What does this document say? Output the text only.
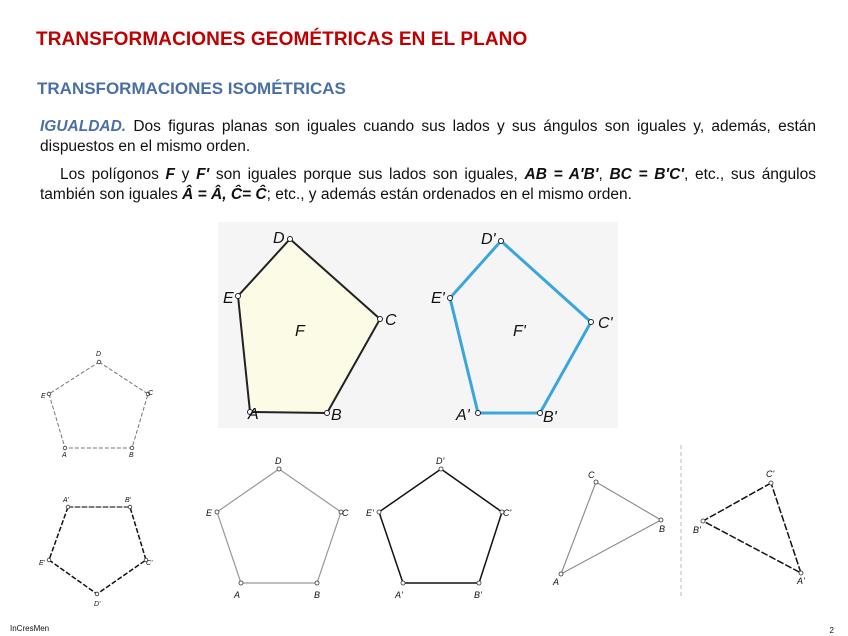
TRANSFORMACIONES GEOMÉTRICAS EN EL PLANO
TRANSFORMACIONES ISOMÉTRICAS

IGUALDAD. Dos figuras planas son iguales cuando sus lados y sus ángulos son iguales y, además, están dispuestos en el mismo orden.

Los polígonos F y F' son iguales porque sus lados son iguales, AB = A'B', BC = B'C', etc., sus ángulos también son iguales Â = Â, Ĉ= Ĉ; etc., y además están ordenados en el mismo orden.

A	B
C
D
E
F
A'	B'
C'
D'
E'
F'
A	B
C
D
E
A'	B'
C'
D'
E'
A	B
C
D
E
A'	B'
C'
D'
E'
A
B
C
A'
B'
C'
InCresMen	2
